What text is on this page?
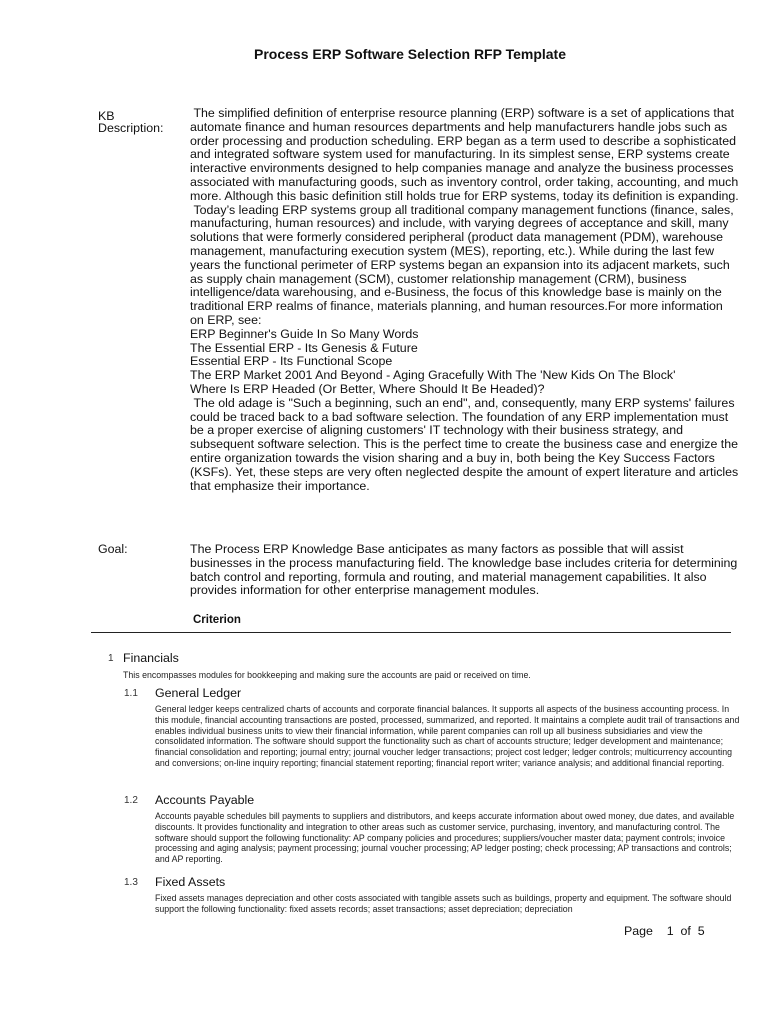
Process ERP Software Selection RFP Template
KB
Description:
The simplified definition of enterprise resource planning (ERP) software is a set of applications that automate finance and human resources departments and help manufacturers handle jobs such as order processing and production scheduling. ERP began as a term used to describe a sophisticated and integrated software system used for manufacturing. In its simplest sense, ERP systems create interactive environments designed to help companies manage and analyze the business processes associated with manufacturing goods, such as inventory control, order taking, accounting, and much more. Although this basic definition still holds true for ERP systems, today its definition is expanding.
Today’s leading ERP systems group all traditional company management functions (finance, sales, manufacturing, human resources) and include, with varying degrees of acceptance and skill, many solutions that were formerly considered peripheral (product data management (PDM), warehouse management, manufacturing execution system (MES), reporting, etc.). While during the last few years the functional perimeter of ERP systems began an expansion into its adjacent markets, such as supply chain management (SCM), customer relationship management (CRM), business intelligence/data warehousing, and e-Business, the focus of this knowledge base is mainly on the traditional ERP realms of finance, materials planning, and human resources.For more information on ERP, see:
ERP Beginner's Guide In So Many Words
The Essential ERP - Its Genesis & Future
Essential ERP - Its Functional Scope
The ERP Market 2001 And Beyond - Aging Gracefully With The 'New Kids On The Block'
Where Is ERP Headed (Or Better, Where Should It Be Headed)?
The old adage is "Such a beginning, such an end", and, consequently, many ERP systems' failures could be traced back to a bad software selection. The foundation of any ERP implementation must be a proper exercise of aligning customers' IT technology with their business strategy, and subsequent software selection. This is the perfect time to create the business case and energize the entire organization towards the vision sharing and a buy in, both being the Key Success Factors (KSFs). Yet, these steps are very often neglected despite the amount of expert literature and articles that emphasize their importance.
Goal:	The Process ERP Knowledge Base anticipates as many factors as possible that will assist businesses in the process manufacturing field. The knowledge base includes criteria for determining batch control and reporting, formula and routing, and material management capabilities. It also provides information for other enterprise management modules.

Criterion
1 Financials

This encompasses modules for bookkeeping and making sure the accounts are paid or received on time.

1.1 General Ledger

General ledger keeps centralized charts of accounts and corporate financial balances. It supports all aspects of the business accounting process. In this module, financial accounting transactions are posted, processed, summarized, and reported. It maintains a complete audit trail of transactions and enables individual business units to view their financial information, while parent companies can roll up all business subsidiaries and view the consolidated information. The software should support the functionality such as chart of accounts structure; ledger development and maintenance; financial consolidation and reporting; journal entry; journal voucher ledger transactions; project cost ledger; ledger controls; multicurrency accounting and conversions; on-line inquiry reporting; financial statement reporting; financial report writer; variance analysis; and additional financial reporting.

1.2 Accounts Payable

Accounts payable schedules bill payments to suppliers and distributors, and keeps accurate information about owed money, due dates, and available discounts. It provides functionality and integration to other areas such as customer service, purchasing, inventory, and manufacturing control. The software should support the following functionality: AP company policies and procedures; suppliers/voucher master data; payment controls; invoice processing and aging analysis; payment processing; journal voucher processing; AP ledger posting; check processing; AP transactions and controls; and AP reporting.

1.3 Fixed Assets

Fixed assets manages depreciation and other costs associated with tangible assets such as buildings, property and equipment. The software should support the following functionality: fixed assets records; asset transactions; asset depreciation; depreciation

Page 1 of 5
